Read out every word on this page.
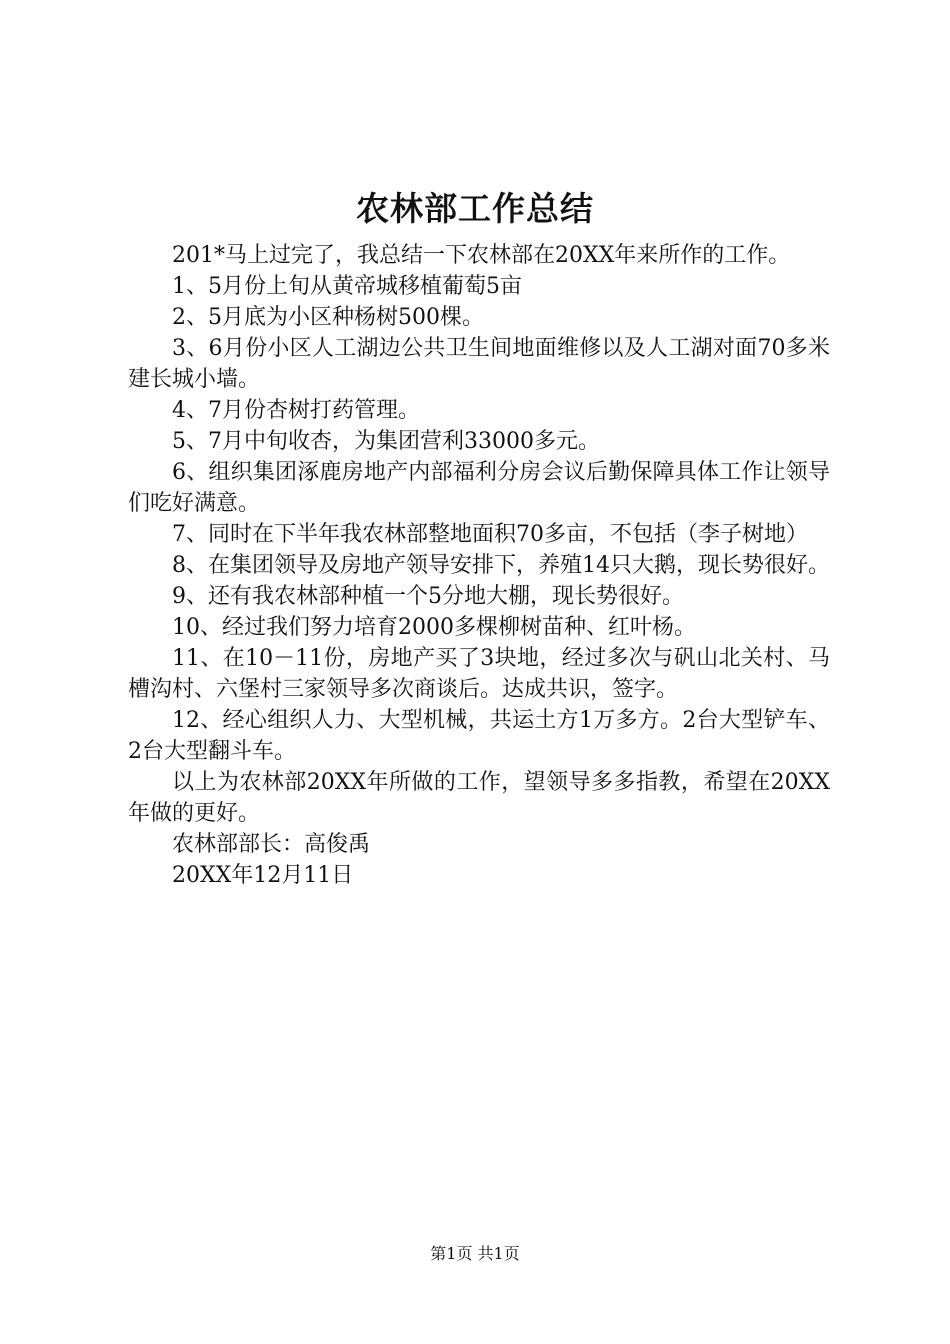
农林部工作总结

201*马上过完了，我总结一下农林部在20XX年来所作的工作。

1、5月份上旬从黄帝城移植葡萄5亩

2、5月底为小区种杨树500棵。

3、6月份小区人工湖边公共卫生间地面维修以及人工湖对面70多米建长城小墙。

4、7月份杏树打药管理。

5、7月中旬收杏，为集团营利33000多元。

6、组织集团涿鹿房地产内部福利分房会议后勤保障具体工作让领导们吃好满意。

7、同时在下半年我农林部整地面积70多亩，不包括（李子树地）

8、在集团领导及房地产领导安排下，养殖14只大鹅，现长势很好。

9、还有我农林部种植一个5分地大棚，现长势很好。

10、经过我们努力培育2000多棵柳树苗种、红叶杨。

11、在10－11份，房地产买了3块地，经过多次与矾山北关村、马槽沟村、六堡村三家领导多次商谈后。达成共识，签字。

12、经心组织人力、大型机械，共运土方1万多方。2台大型铲车、2台大型翻斗车。

以上为农林部20XX年所做的工作，望领导多多指教，希望在20XX年做的更好。

农林部部长：高俊禹

20XX年12月11日

第1页 共1页
